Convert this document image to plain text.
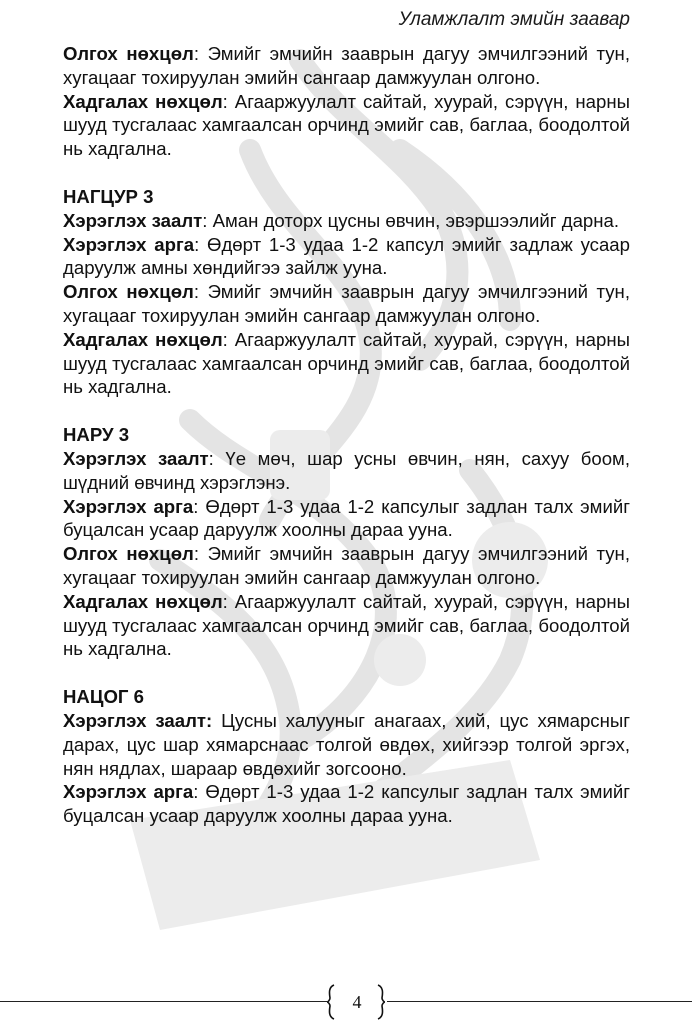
Уламжлалт эмийн заавар

Олгох нөхцөл: Эмийг эмчийн зааврын дагуу эмчилгээний тун, хугацааг тохируулан эмийн сангаар дамжуулан олгоно.

Хадгалах нөхцөл: Агааржуулалт сайтай, хуурай, сэрүүн, нарны шууд тусгалаас хамгаалсан орчинд эмийг сав, баглаа, боодолтой нь хадгална.

НАГЦУР 3

Хэрэглэх заалт: Аман доторх цусны өвчин, эвэршээлийг дарна.

Хэрэглэх арга: Өдөрт 1-3 удаа 1-2 капсул эмийг задлаж усаар даруулж амны хөндийгээ зайлж ууна.

Олгох нөхцөл: Эмийг эмчийн зааврын дагуу эмчилгээний тун, хугацааг тохируулан эмийн сангаар дамжуулан олгоно.

Хадгалах нөхцөл: Агааржуулалт сайтай, хуурай, сэрүүн, нарны шууд тусгалаас хамгаалсан орчинд эмийг сав, баглаа, боодолтой нь хадгална.

НАРУ 3

Хэрэглэх заалт: Үе мөч, шар усны өвчин, нян, сахуу боом, шүдний өвчинд хэрэглэнэ.

Хэрэглэх арга: Өдөрт 1-3 удаа 1-2 капсулыг задлан талх эмийг буцалсан усаар даруулж хоолны дараа ууна.

Олгох нөхцөл: Эмийг эмчийн зааврын дагуу эмчилгээний тун, хугацааг тохируулан эмийн сангаар дамжуулан олгоно.

Хадгалах нөхцөл: Агааржуулалт сайтай, хуурай, сэрүүн, нарны шууд тусгалаас хамгаалсан орчинд эмийг сав, баглаа, боодолтой нь хадгална.

НАЦОГ 6

Хэрэглэх заалт: Цусны халууныг анагаах, хий, цус хямарсныг дарах, цус шар хямарснаас толгой өвдөх, хийгээр толгой эргэх, нян нядлах, шараар өвдөхийг зогсооно.

Хэрэглэх арга: Өдөрт 1-3 удаа 1-2 капсулыг задлан талх эмийг буцалсан усаар даруулж хоолны дараа ууна.

4
